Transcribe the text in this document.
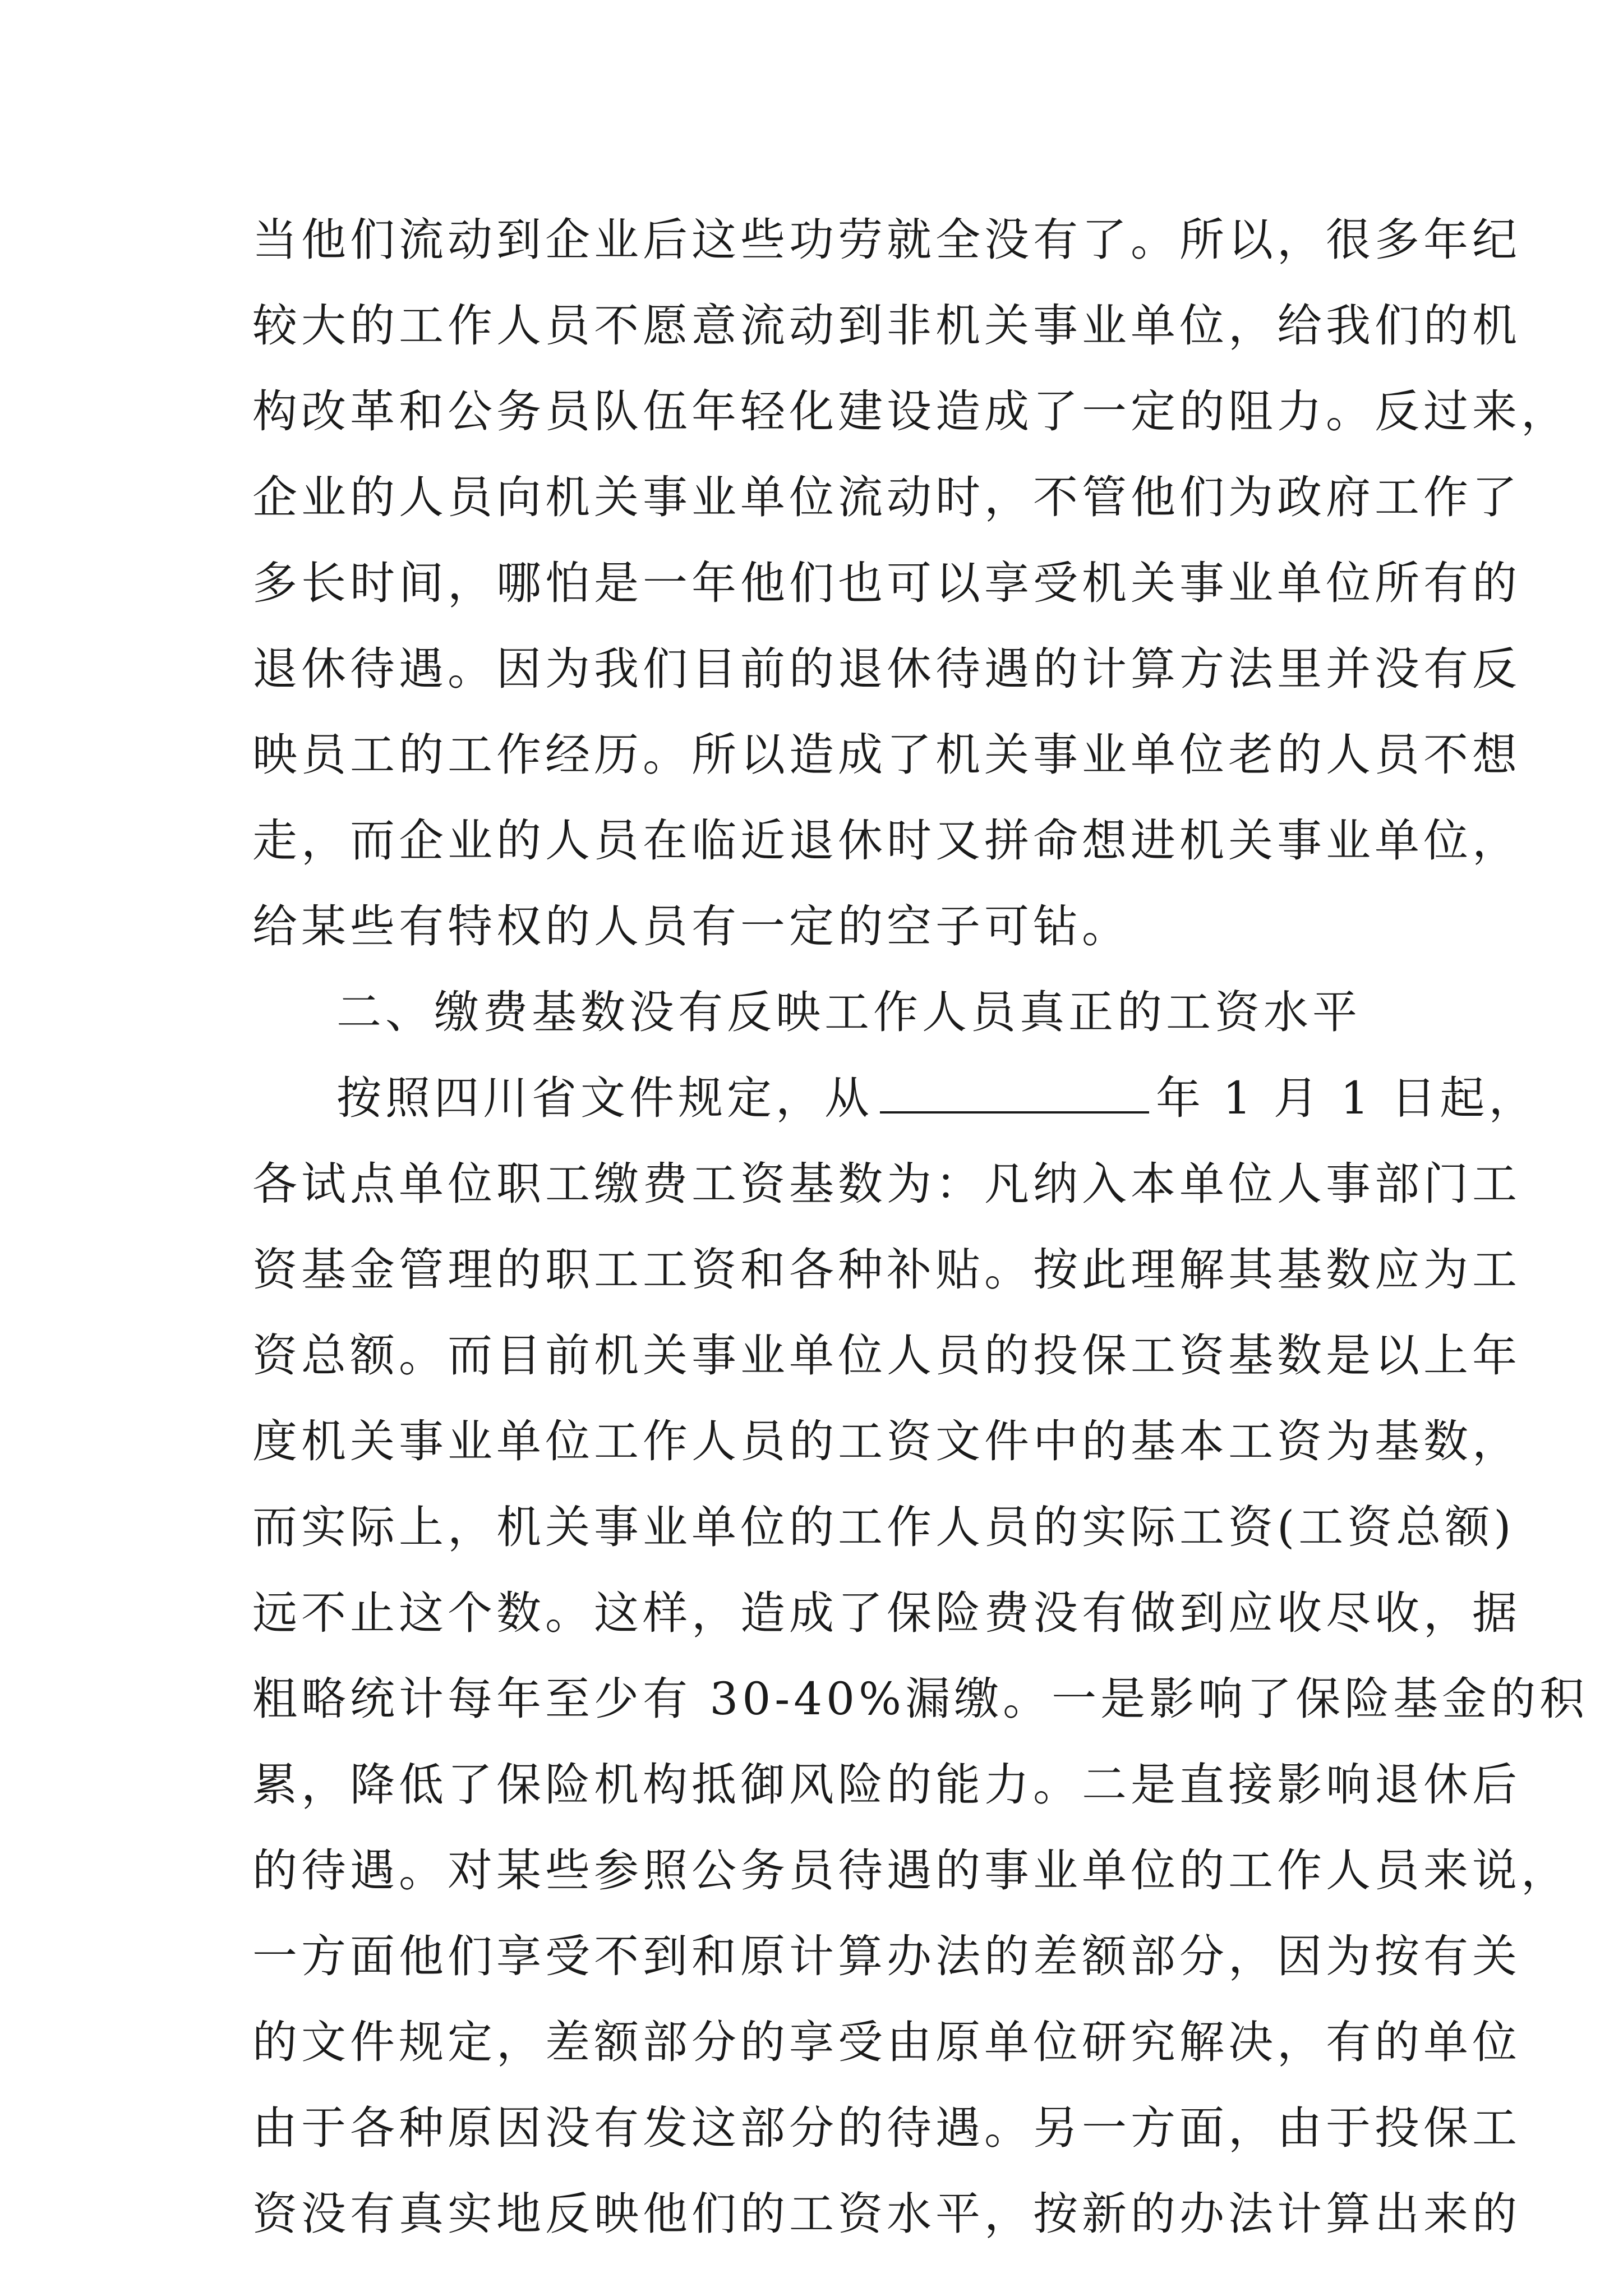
当他们流动到企业后这些功劳就全没有了。所以，很多年纪
较大的工作人员不愿意流动到非机关事业单位，给我们的机
构改革和公务员队伍年轻化建设造成了一定的阻力。反过来，
企业的人员向机关事业单位流动时，不管他们为政府工作了
多长时间，哪怕是一年他们也可以享受机关事业单位所有的
退休待遇。因为我们目前的退休待遇的计算方法里并没有反
映员工的工作经历。所以造成了机关事业单位老的人员不想
走，而企业的人员在临近退休时又拼命想进机关事业单位，
给某些有特权的人员有一定的空子可钻。
二、缴费基数没有反映工作人员真正的工资水平
按照四川省文件规定，从	年 1 月 1 日起，
各试点单位职工缴费工资基数为：凡纳入本单位人事部门工
资基金管理的职工工资和各种补贴。按此理解其基数应为工
资总额。而目前机关事业单位人员的投保工资基数是以上年
度机关事业单位工作人员的工资文件中的基本工资为基数，
而实际上，机关事业单位的工作人员的实际工资(工资总额)
远不止这个数。这样，造成了保险费没有做到应收尽收，据
粗略统计每年至少有 30-40%漏缴。一是影响了保险基金的积
累，降低了保险机构抵御风险的能力。二是直接影响退休后
的待遇。对某些参照公务员待遇的事业单位的工作人员来说，
一方面他们享受不到和原计算办法的差额部分，因为按有关
的文件规定，差额部分的享受由原单位研究解决，有的单位
由于各种原因没有发这部分的待遇。另一方面，由于投保工
资没有真实地反映他们的工资水平，按新的办法计算出来的
